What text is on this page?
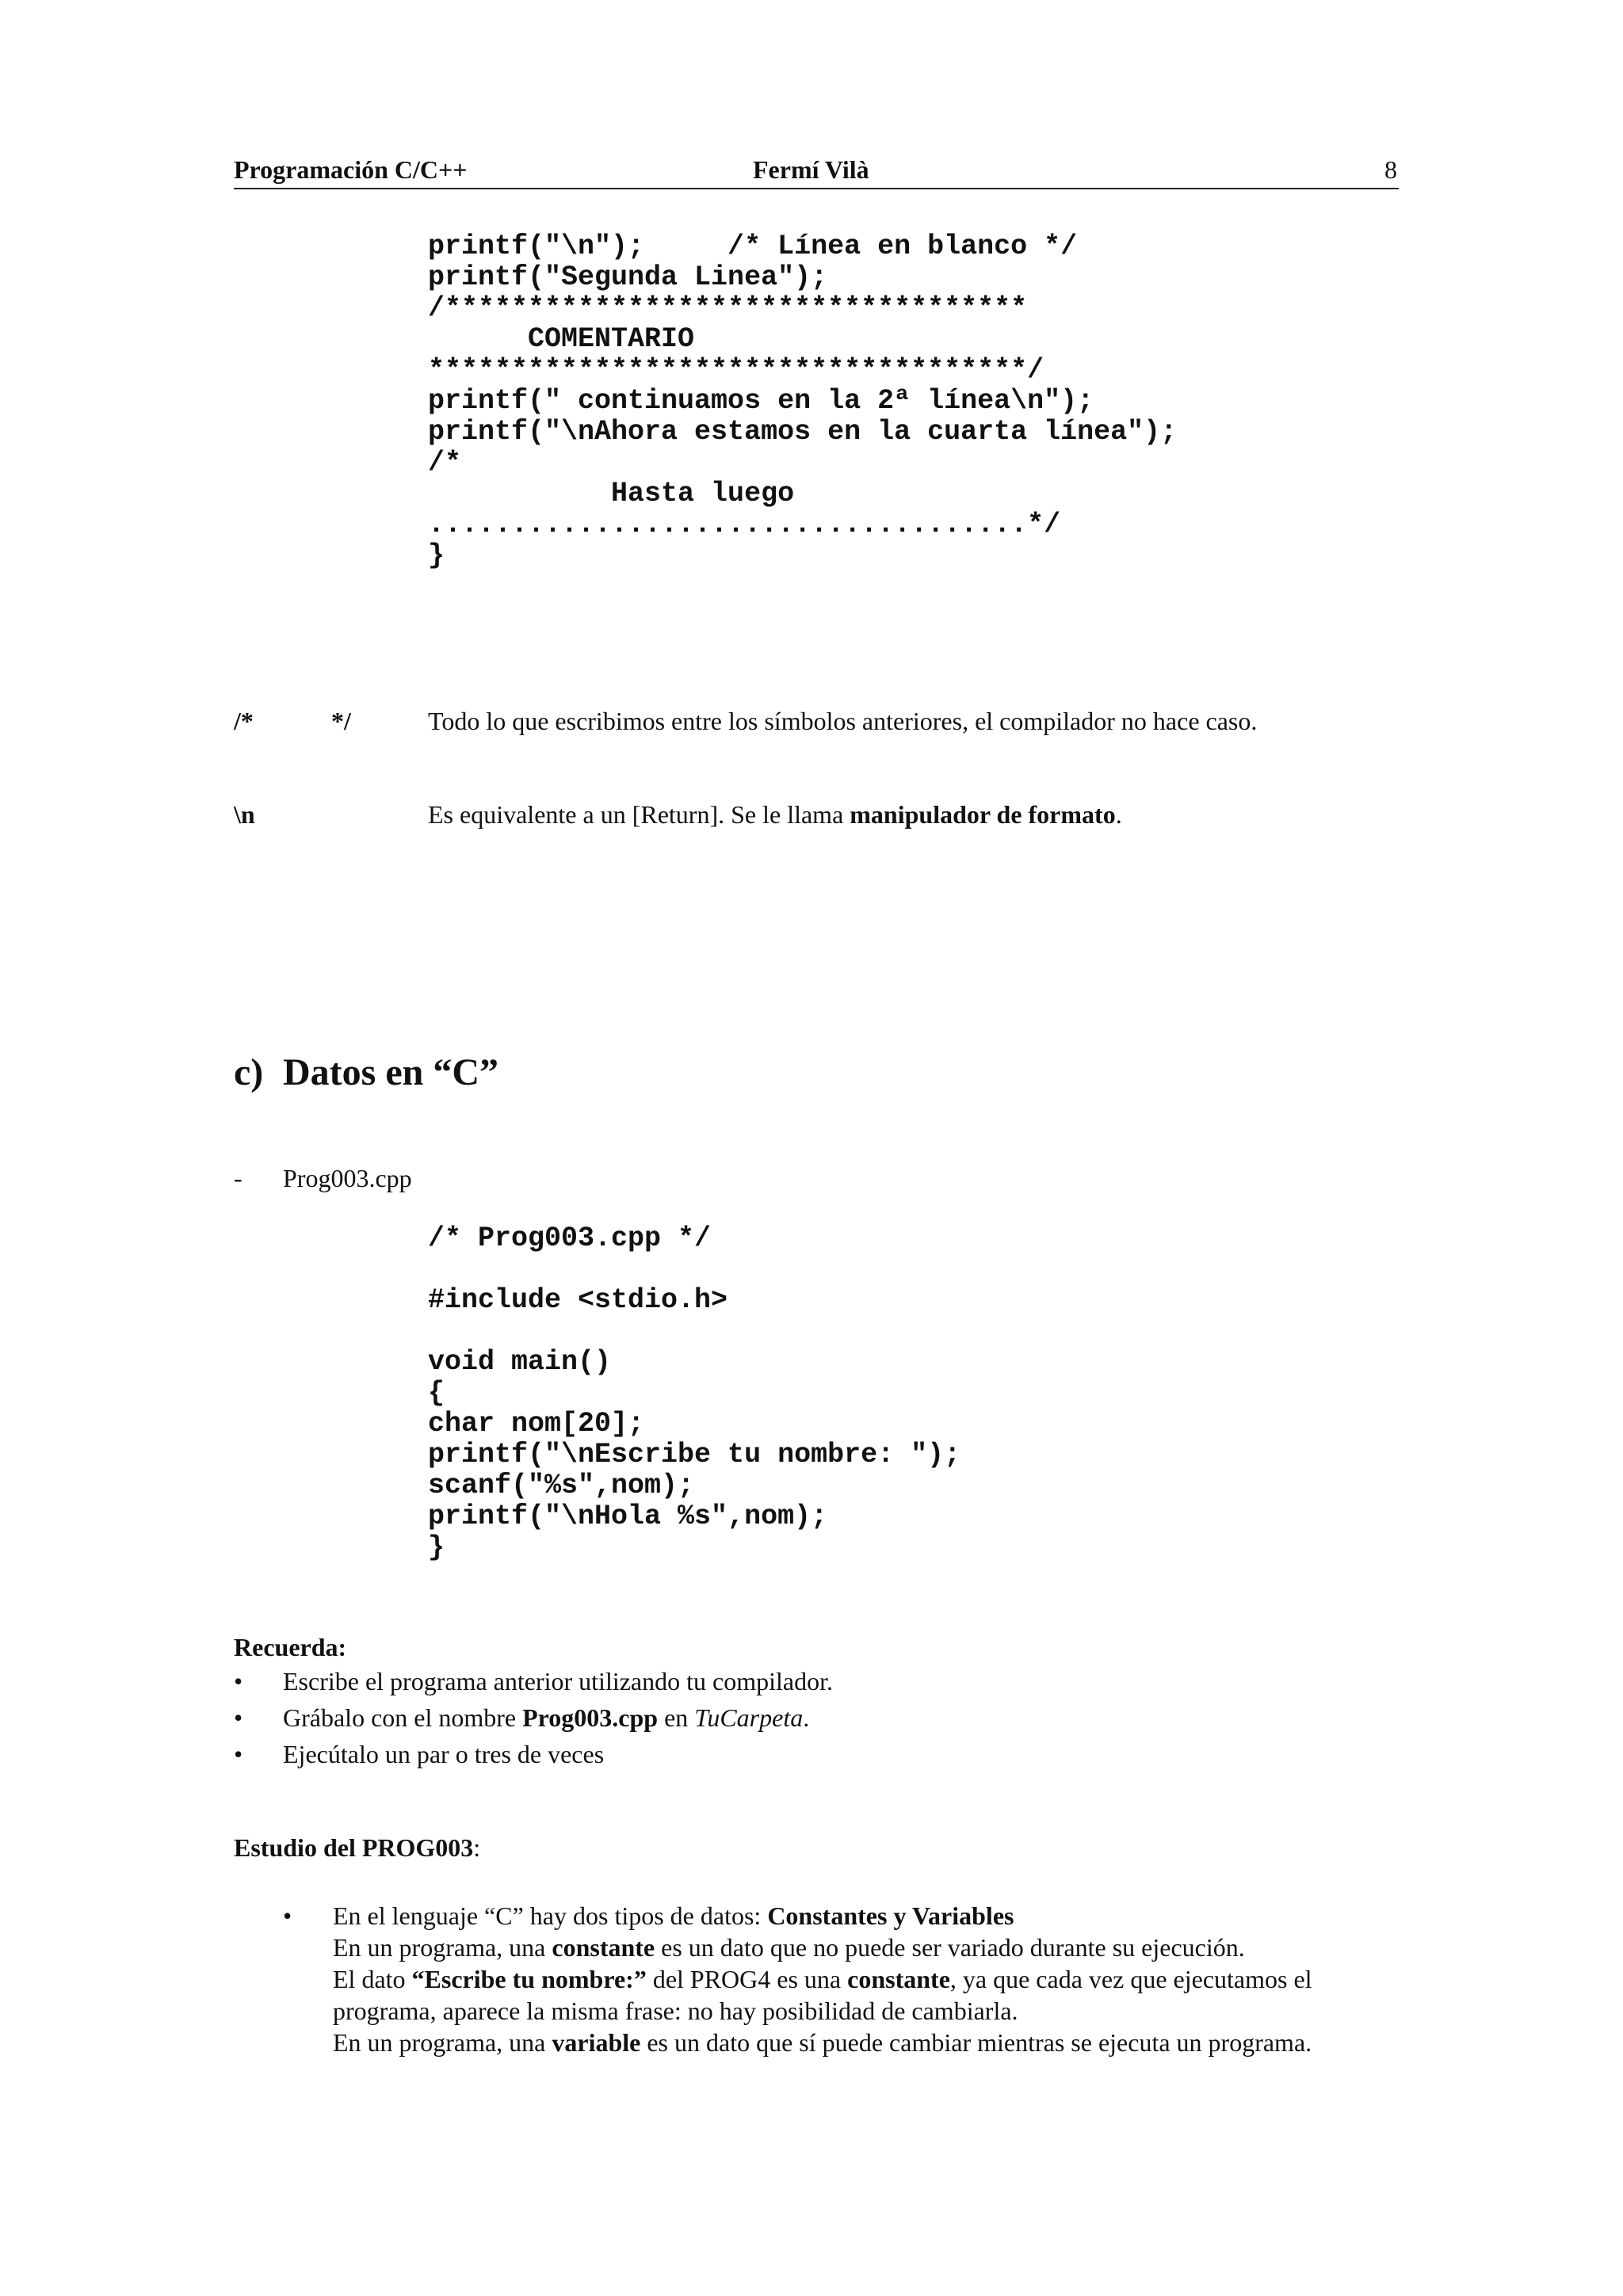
Programación C/C++	Fermí Vilà	8
printf("\n");     /* Línea en blanco */
printf("Segunda Linea");
/***********************************
COMENTARIO
************************************/
printf(" continuamos en la 2ª línea\n");
printf("\nAhora estamos en la cuarta línea");
/*
Hasta luego
....................................*/
}
/*	*/	Todo lo que escribimos entre los símbolos anteriores, el compilador no hace caso.
\n	Es equivalente a un [Return]. Se le llama manipulador de formato.
c) Datos en “C”
- Prog003.cpp
/* Prog003.cpp */

#include <stdio.h>

void main()
{
char nom[20];
printf("\nEscribe tu nombre: ");
scanf("%s",nom);
printf("\nHola %s",nom);
}
Recuerda:
• Escribe el programa anterior utilizando tu compilador.
• Grábalo con el nombre Prog003.cpp en TuCarpeta.
• Ejecútalo un par o tres de veces
Estudio del PROG003:
• En el lenguaje “C” hay dos tipos de datos: Constantes y Variables
En un programa, una constante es un dato que no puede ser variado durante su ejecución.
El dato “Escribe tu nombre:” del PROG4 es una constante, ya que cada vez que ejecutamos el
programa, aparece la misma frase: no hay posibilidad de cambiarla.
En un programa, una variable es un dato que sí puede cambiar mientras se ejecuta un programa.
